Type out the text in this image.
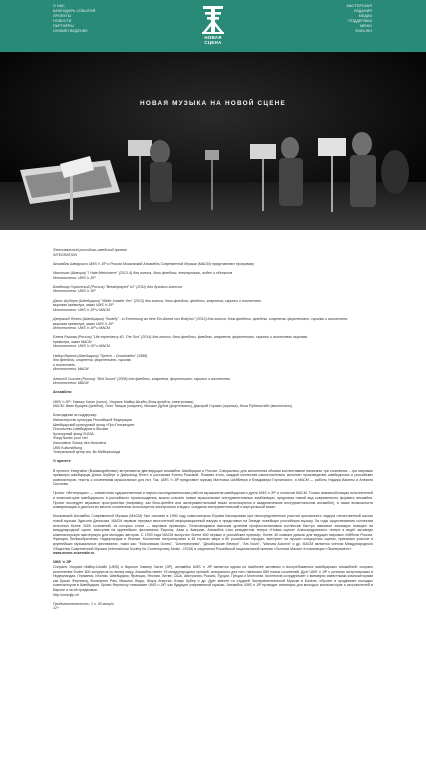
О НАС
КАЛЕНДАРЬ СОБЫТИЙ
ПРОЕКТЫ
НОВОСТИ
ПАРТНЁРЫ
ОНЛАЙН ВЕДЕНИЕ
НОВАЯ
СЦЕНА
МАСТЕРСКАЯ
ИЗДАНИЯ
МЕДИА
ПОДДЕРЖКА
МЕНЮ
ENGLISH
НОВАЯ МУЗЫКА НА НОВОЙ СЦЕНЕ

Фестивальный российско-шведский проект

INTEGRATION

Ансамбль Шведского UMS 'n JIP и Россия Московский Ансамбль Современной Музыки (МАСМ) представляют программу

Маттиас (Швеция) "I Hate Metronome" (2013-4) для голоса, блок-флейты, электроники, видео и объектов

Исполнители: UMS 'n JIP

Владимир Горлинский (Россия) "Breathplayed" #1" (2011) для духовых голосов

Исполнители: UMS 'n JIP

Дэнис Шуберт (Швейцария) "Wider Invader Yeo" (2013) для голоса, блок-флейты, флейты, кларнета, скрипки и виолончели

мировая премьера, заказ UMS 'n JIP

Исполнители: UMS 'n JIP и МАСМ

Джеральд Флэтэ (Швейцария) "Nodefy" - in Erinnerung an eine Ein-Abend von Bodyhor" (2013) для голоса, блок-флейты, флейты, кларнета, фортепиано, скрипки и виолончели

мировая премьера, заказ UMS 'n JIP

Исполнители: UMS 'n JIP и МАСМ

Елена Рыкова (Россия) "Life expectancy 40. The Sun" (2014) для голоса, блок-флейты, флейты, кларнета, фортепиано, скрипки и виолончели мировая

премьера, заказ МАСМ

Исполнители: UMS 'n JIP и МАСМ

Надир Васена (Швейцария) "Sprech – Druckhaltes" (1998)

для флейты, кларнета, фортепиано, скрипки

и виолончели

Исполнители: МАСМ

Алексей Сысоев (Россия) "Bolt Sound" (2008) для флейты, кларнета, фортепиано, скрипки и виолончели

Исполнители: МАСМ

Ансамбли:

UMS 'n JIP: Хавьер Хагэн (голос), Ульрике Майер-Штайн (блок-флейта, электроника)

МАСМ: Иван Бушуев (флейта), Олег Танцов (кларнет), Михаил Дубов (фортепиано), Дмитрий Горшин (скрипка), Илья Рубинштейн (виолончель)

Благодарим за поддержку:

Министерство культуры Российской Федерации

Швейцарский культурный фонд «Про Гельвеция»

Посольство Швейцарии в Москве

Культурный фонд SUISA

Фонд Nordic pour l'art

Association Suisse des Musiciens

UBS Kulturstiftung

Театральный центр им. Вс.Мейерхольда

О проекте

В проекте Integration (Взаимодействие) встречаются два ведущих ансамбля: Швейцарии и России. Специально для исполнения обоими коллективами написаны три сочинения – три мировые премьеры швейцарцы Дэнис Шуберт и Джеральд Флэтэ и россиянки Елены Рыковой. Помимо этого, каждый коллектив самостоятельно исполнит произведения швейцарских и российских композиторов, тексты к сочинениям музыкальных для нот. Так, UMS 'n JIP представит музыку Маттиаса Шейблера и Владимира Горлинского, а МАСМ — работы Надира Васены и Алексея Сысоева.

Проект «Интеграция» — совместная художественная и научно-исследовательская работа музыкантов швейцарского дуэта UMS n JIP и солистов МАСМ. Только взаимообогащая исполнителей и композиторов швейцарского и российского происхождения, можно освоить новые музыкальные инструментальные комбинации, предлагая новый вид современного формата ансамбля. Проект исследует звуковые пространства (например, как блок-флейта или экспериментальный вокал используются в академическом инструментальном ансамбле), а также возможности коммуникации и диалога во многих сочинениях используется электроника и видео, соединяя инструментальный и виртуальный вокал.

Московский Ансамбль Современной Музыки (МАСМ) был основан в 1990 году композитором Юрием Каспаровым при непосредственном участии признанного лидера отечественной школы новой музыки Эдисона Денисова. МАСМ первым прервал многолетний информационный вакуум и представил на Западе новейшую российскую музыку. За годы существования коллектив исполнил более 2000 сочинений, из которых сотни — мировые премьеры. Отличающимся высоким уровнем профессионализма коллектив быстро завоевал значимую позицию на международной сцене, выступив на крупнейших фестивалях Европы, Азии и Америки. Ансамбль стал резидентом театра «Новая сцена» Александринского театра и ведёт активную композиторскую мастерскую для молодых авторов. С 1993 года МАСМ выпустил более 800 первых и российских премьер, более 40 компакт-дисков для ведущих мировых лейблов России, Франции, Великобритании, Нидерландов и Японии. Коллектив гастролировал в 35 странах мира и 80 российских городах, выступил на лучших концертных сценах, принимал участие в крупнейших музыкальных фестивалях, таких как: "Московская Осень", "Альтернатива", "Декабрьские Вечера", "Ars Nova", "Warsaw Autumn" и др. МАСМ является членом Международного Общества Современной Музыки (International Society for Contemporary Music - ISCM) и лауреатом Российской национальной премии «Золотая Маска» в номинации «Эксперимент».

www.mcme-ensemble.ru

UMS 'n JIP

Сопрано Ульрике Майер-Штайн (UMS) и баритон Хавьер Хагэн (JIP), ансамбль UMS 'n JIP является одним из наиболее активных и востребованных швейцарских ансамблей: сыграно исполнение более 600 концертов по всему миру. Ансамбль имеет 15 международных премий, специально для него написано 650 новых сочинений. Дуэт UMS 'n JIP с успехом гастролировал в Нидерландах, Германии, Италии, Швейцарии, Франции, Японии, Литве, США, Австралии, России, Турции, Греции и Монголии. Коллектив сотрудничает с всемирно известными композиторами как Бриан Фернихоу, Вольфганг Рим, Мишель Жарр, Жорж Апергис, Клаус Хубер и др. Дуэт вместе со студией Экспериментальной Музыки в Базеле, обучает и продвигает молодых композиторов в Швейцарии. Бриан Фернихоу описывает UMS n JIP, как будущее современной музыки. Ансамбль UMS n JIP проводит семинары для молодых композиторов и исполнителей в Европе и за её пределами.

http://umsnjip.ch

Продолжительность: 1 ч. 30 минут

12+
